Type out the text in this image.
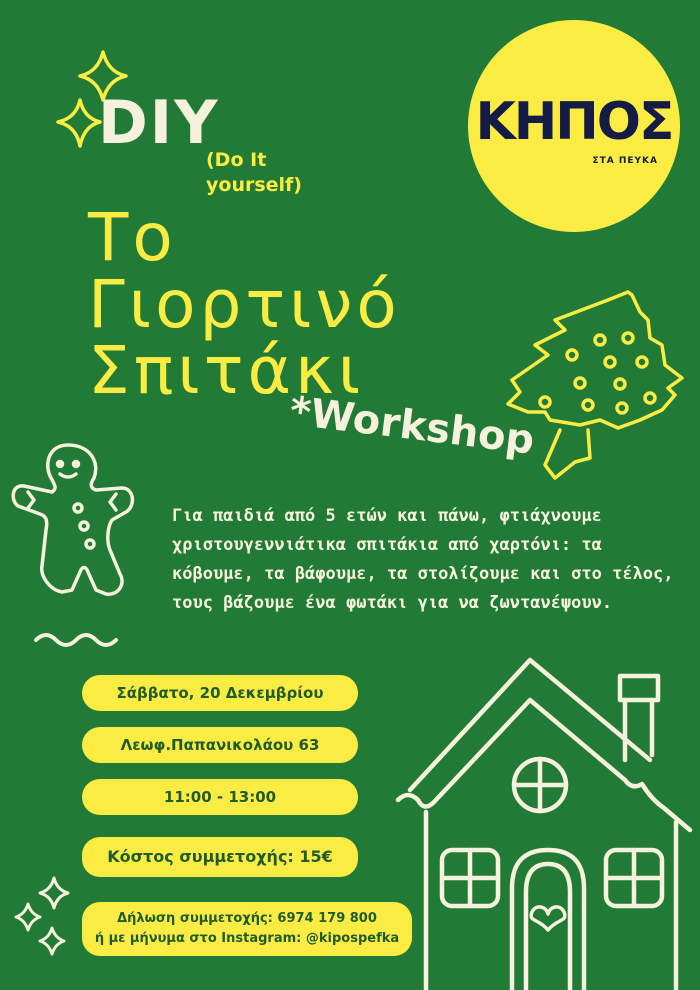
ΚΗΠΟΣ
ΣΤΑ ΠΕΥΚΑ
DIY
(Do It
yourself)
Το
Γιορτινό
Σπιτάκι
*Workshop
Για παιδιά από 5 ετών και πάνω, φτιάχνουμε χριστουγεννιάτικα σπιτάκια από χαρτόνι: τα κόβουμε, τα βάφουμε, τα στολίζουμε και στο τέλος, τους βάζουμε ένα φωτάκι για να ζωντανέψουν.
Σάββατο, 20 Δεκεμβρίου
Λεωφ.Παπανικολάου 63
11:00 - 13:00
Κόστος συμμετοχής: 15€
Δήλωση συμμετοχής: 6974 179 800
ή με μήνυμα στο Instagram: @kipospefka
